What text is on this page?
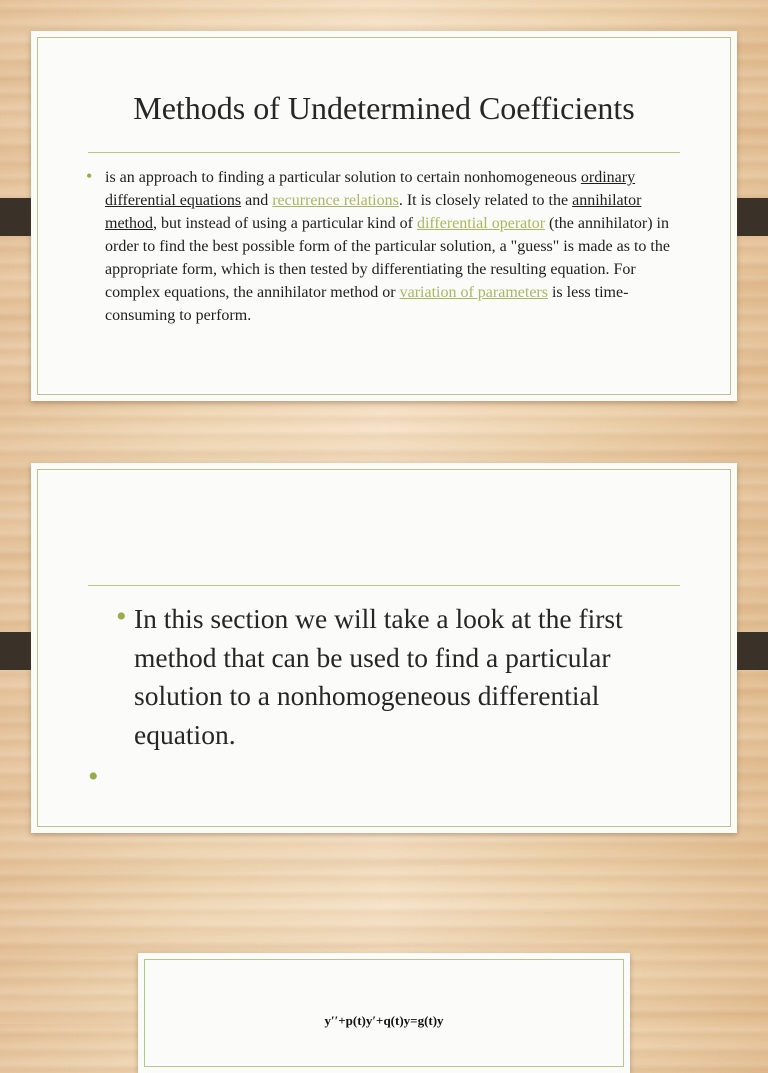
Methods of Undetermined Coefficients
• is an approach to finding a particular solution to certain nonhomogeneous ordinary differential equations and recurrence relations. It is closely related to the annihilator method, but instead of using a particular kind of differential operator (the annihilator) in order to find the best possible form of the particular solution, a "guess" is made as to the appropriate form, which is then tested by differentiating the resulting equation. For complex equations, the annihilator method or variation of parameters is less time-consuming to perform.
• In this section we will take a look at the first method that can be used to find a particular solution to a nonhomogeneous differential equation.
•
y′′+p(t)y′+q(t)y=g(t)y
